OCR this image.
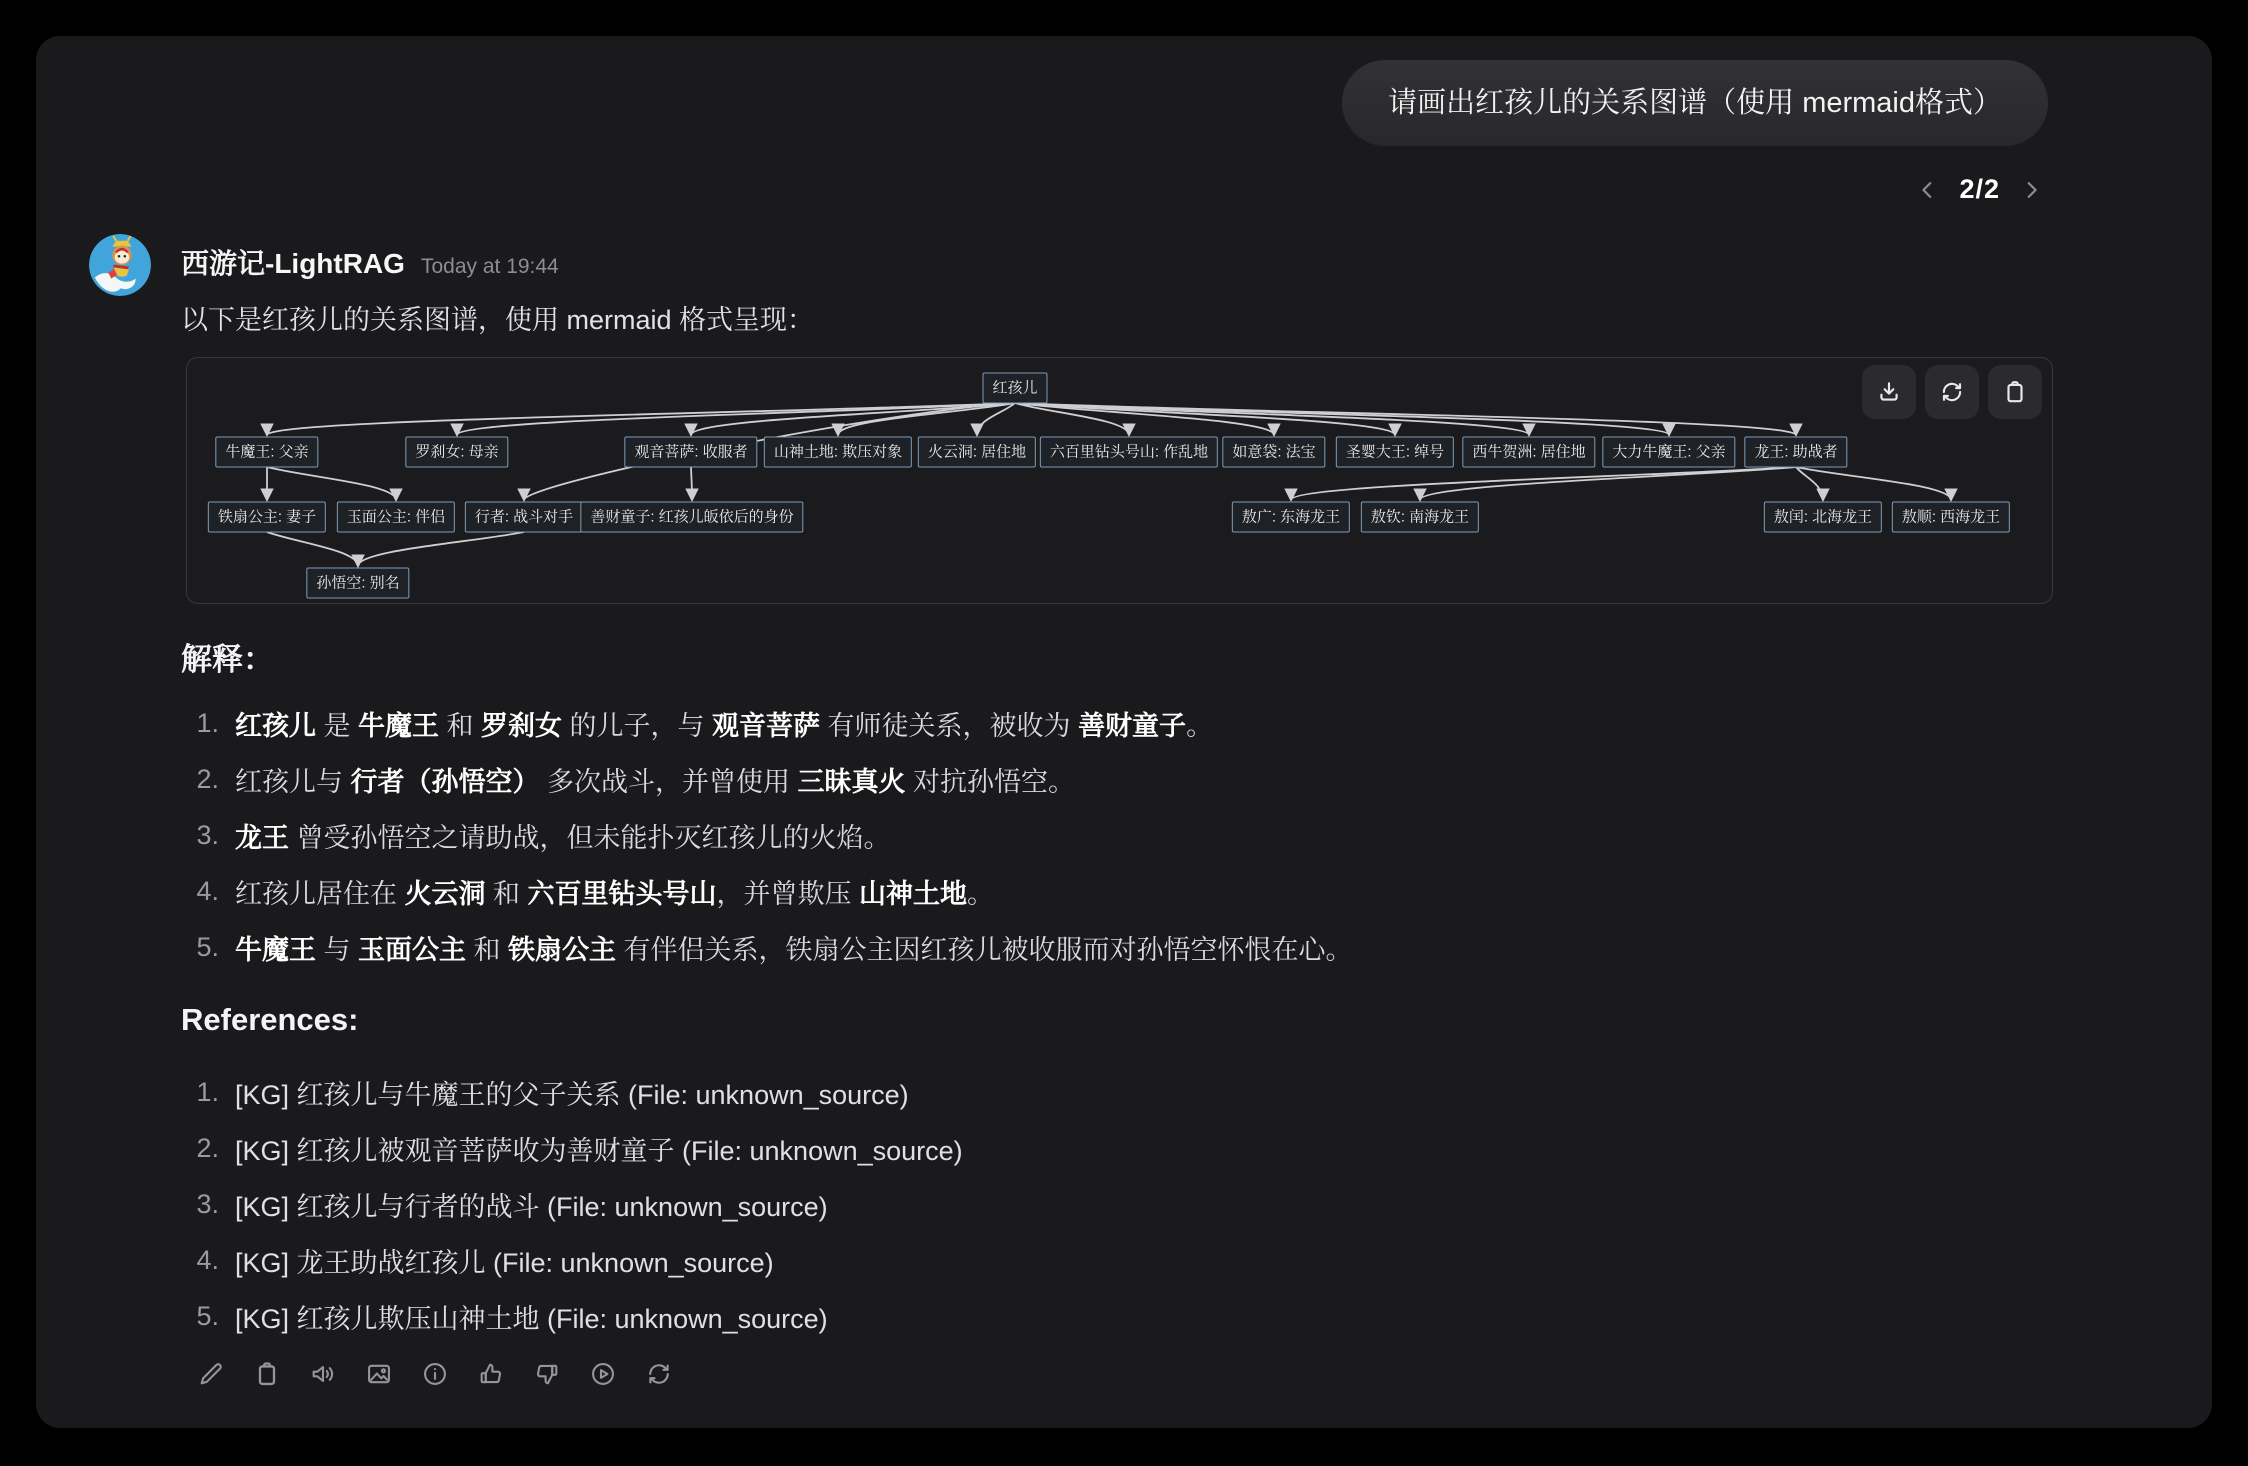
请画出红孩儿的关系图谱（使用 mermaid格式）
2/2
西游记-LightRAG Today at 19:44
以下是红孩儿的关系图谱，使用 mermaid 格式呈现：
红孩儿
牛魔王: 父亲	罗刹女: 母亲	观音菩萨: 收服者	山神土地: 欺压对象	火云洞: 居住地	六百里钻头号山: 作乱地	如意袋: 法宝	圣婴大王: 绰号	西牛贺洲: 居住地	大力牛魔王: 父亲	龙王: 助战者
铁扇公主: 妻子	玉面公主: 伴侣	行者: 战斗对手	善财童子: 红孩儿皈依后的身份	敖广: 东海龙王	敖钦: 南海龙王	敖闰: 北海龙王	敖顺: 西海龙王
孙悟空: 别名
解释：
1. 红孩儿 是 牛魔王 和 罗刹女 的儿子，与 观音菩萨 有师徒关系，被收为 善财童子。
2. 红孩儿与 行者（孙悟空） 多次战斗，并曾使用 三昧真火 对抗孙悟空。
3. 龙王 曾受孙悟空之请助战，但未能扑灭红孩儿的火焰。
4. 红孩儿居住在 火云洞 和 六百里钻头号山，并曾欺压 山神土地。
5. 牛魔王 与 玉面公主 和 铁扇公主 有伴侣关系，铁扇公主因红孩儿被收服而对孙悟空怀恨在心。
References:
1. [KG] 红孩儿与牛魔王的父子关系 (File: unknown_source)
2. [KG] 红孩儿被观音菩萨收为善财童子 (File: unknown_source)
3. [KG] 红孩儿与行者的战斗 (File: unknown_source)
4. [KG] 龙王助战红孩儿 (File: unknown_source)
5. [KG] 红孩儿欺压山神土地 (File: unknown_source)
